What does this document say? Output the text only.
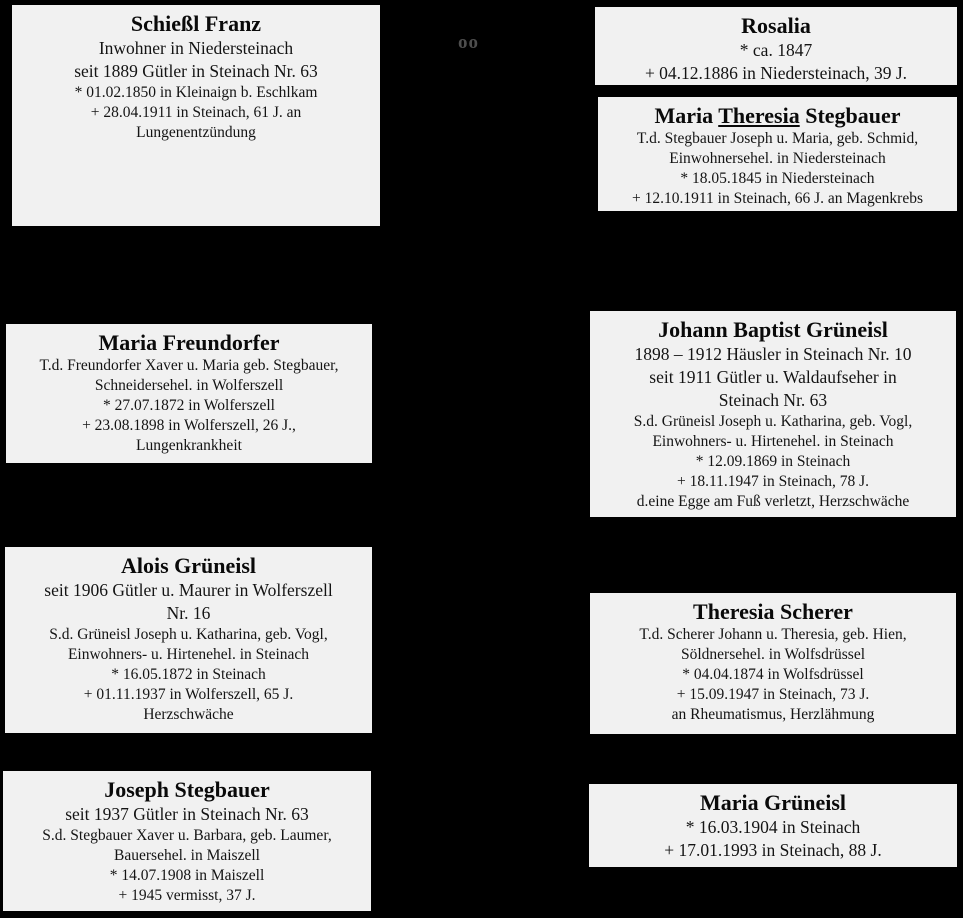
oo
Schießl Franz
Inwohner in Niedersteinach
seit 1889 Gütler in Steinach Nr. 63
* 01.02.1850 in Kleinaign b. Eschlkam
+ 28.04.1911 in Steinach, 61 J. an
Lungenentzündung
Rosalia
* ca. 1847
+ 04.12.1886 in Niedersteinach, 39 J.
Maria Theresia Stegbauer
T.d. Stegbauer Joseph u. Maria, geb. Schmid,
Einwohnersehel. in Niedersteinach
* 18.05.1845 in Niedersteinach
+ 12.10.1911 in Steinach, 66 J. an Magenkrebs
Maria Freundorfer
T.d. Freundorfer Xaver u. Maria geb. Stegbauer,
Schneidersehel. in Wolferszell
* 27.07.1872 in Wolferszell
+ 23.08.1898 in Wolferszell, 26 J.,
Lungenkrankheit
Johann Baptist Grüneisl
1898 – 1912 Häusler in Steinach Nr. 10
seit 1911 Gütler u. Waldaufseher in
Steinach Nr. 63
S.d. Grüneisl Joseph u. Katharina, geb. Vogl,
Einwohners- u. Hirtenehel. in Steinach
* 12.09.1869 in Steinach
+ 18.11.1947 in Steinach, 78 J.
d.eine Egge am Fuß verletzt, Herzschwäche
Alois Grüneisl
seit 1906 Gütler u. Maurer in Wolferszell
Nr. 16
S.d. Grüneisl Joseph u. Katharina, geb. Vogl,
Einwohners- u. Hirtenehel. in Steinach
* 16.05.1872 in Steinach
+ 01.11.1937 in Wolferszell, 65 J.
Herzschwäche
Theresia Scherer
T.d. Scherer Johann u. Theresia, geb. Hien,
Söldnersehel. in Wolfsdrüssel
* 04.04.1874 in Wolfsdrüssel
+ 15.09.1947 in Steinach, 73 J.
an Rheumatismus, Herzlähmung
Joseph Stegbauer
seit 1937 Gütler in Steinach Nr. 63
S.d. Stegbauer Xaver u. Barbara, geb. Laumer,
Bauersehel. in Maiszell
* 14.07.1908 in Maiszell
+ 1945 vermisst, 37 J.
Maria Grüneisl
* 16.03.1904 in Steinach
+ 17.01.1993 in Steinach, 88 J.
